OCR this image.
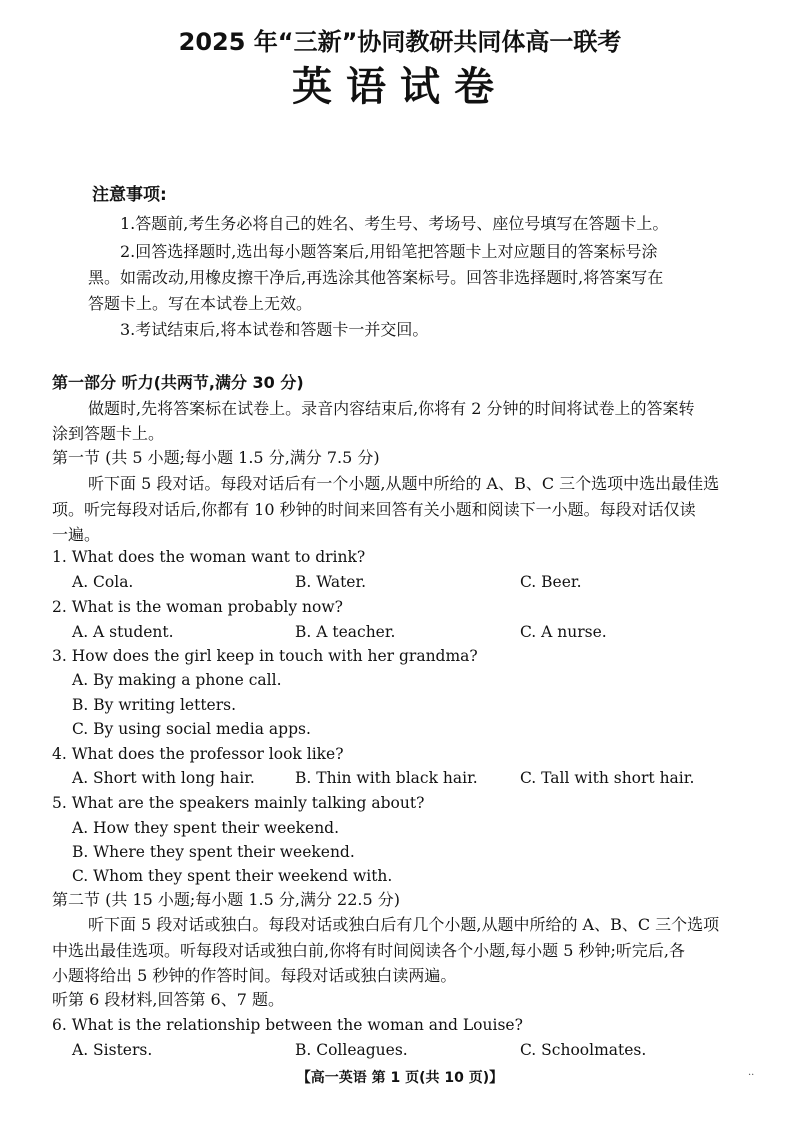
2025 年“三新”协同教研共同体高一联考
英语试卷
注意事项:
1.答题前,考生务必将自己的姓名、考生号、考场号、座位号填写在答题卡上。
2.回答选择题时,选出每小题答案后,用铅笔把答题卡上对应题目的答案标号涂
黑。如需改动,用橡皮擦干净后,再选涂其他答案标号。回答非选择题时,将答案写在
答题卡上。写在本试卷上无效。
3.考试结束后,将本试卷和答题卡一并交回。
第一部分 听力(共两节,满分 30 分)
做题时,先将答案标在试卷上。录音内容结束后,你将有 2 分钟的时间将试卷上的答案转
涂到答题卡上。
第一节 (共 5 小题;每小题 1.5 分,满分 7.5 分)
听下面 5 段对话。每段对话后有一个小题,从题中所给的 A、B、C 三个选项中选出最佳选
项。听完每段对话后,你都有 10 秒钟的时间来回答有关小题和阅读下一小题。每段对话仅读
一遍。
1. What does the woman want to drink?
A. Cola.	B. Water.	C. Beer.
2. What is the woman probably now?
A. A student.	B. A teacher.	C. A nurse.
3. How does the girl keep in touch with her grandma?
A. By making a phone call.
B. By writing letters.
C. By using social media apps.
4. What does the professor look like?
A. Short with long hair.	B. Thin with black hair.	C. Tall with short hair.
5. What are the speakers mainly talking about?
A. How they spent their weekend.
B. Where they spent their weekend.
C. Whom they spent their weekend with.
第二节 (共 15 小题;每小题 1.5 分,满分 22.5 分)
听下面 5 段对话或独白。每段对话或独白后有几个小题,从题中所给的 A、B、C 三个选项
中选出最佳选项。听每段对话或独白前,你将有时间阅读各个小题,每小题 5 秒钟;听完后,各
小题将给出 5 秒钟的作答时间。每段对话或独白读两遍。
听第 6 段材料,回答第 6、7 题。
6. What is the relationship between the woman and Louise?
A. Sisters.	B. Colleagues.	C. Schoolmates.
【高一英语 第 1 页(共 10 页)】	··
